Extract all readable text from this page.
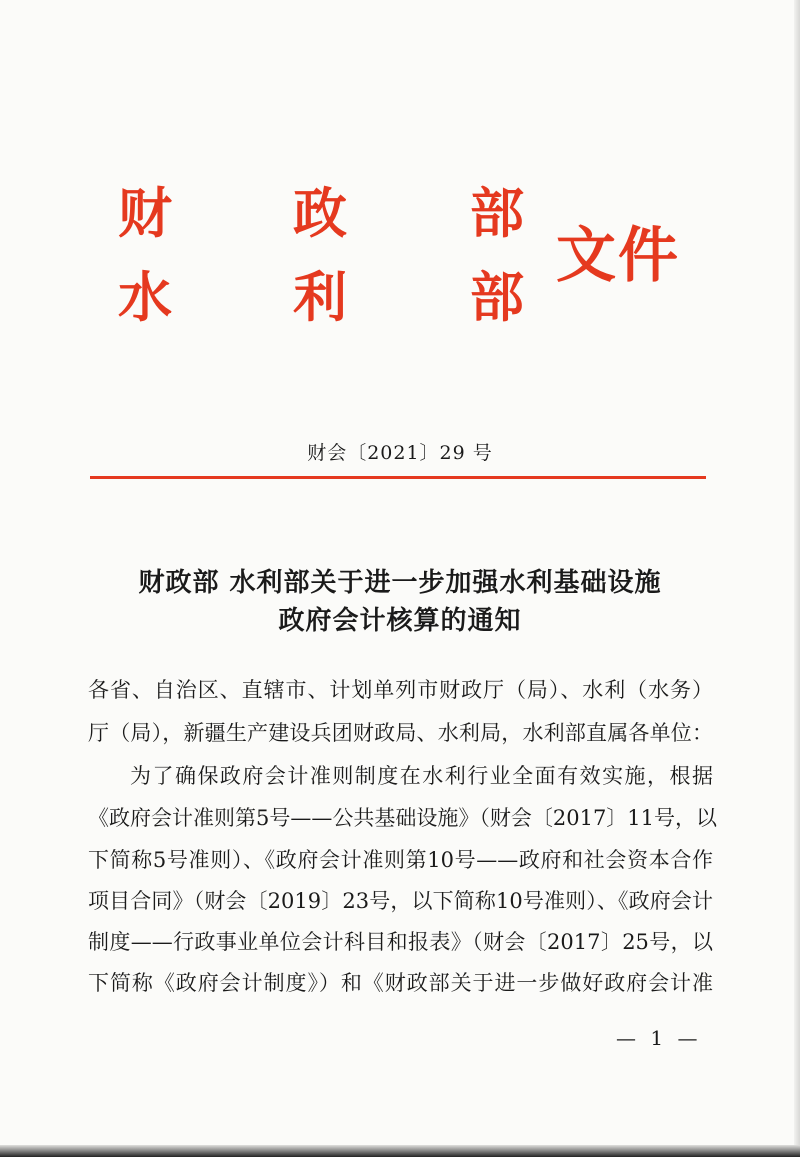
财 政 部
水 利 部
文件
财会〔2021〕29 号
财政部 水利部关于进一步加强水利基础设施
政府会计核算的通知
各省、自治区、直辖市、计划单列市财政厅（局）、水利（水务）
厅（局），新疆生产建设兵团财政局、水利局，水利部直属各单位：
为了确保政府会计准则制度在水利行业全面有效实施，根据
《政府会计准则第5号——公共基础设施》（财会〔2017〕11号，以
下简称5号准则）、《政府会计准则第10号——政府和社会资本合作
项目合同》（财会〔2019〕23号，以下简称10号准则）、《政府会计
制度——行政事业单位会计科目和报表》（财会〔2017〕25号，以
下简称《政府会计制度》）和《财政部关于进一步做好政府会计准
— 1 —
